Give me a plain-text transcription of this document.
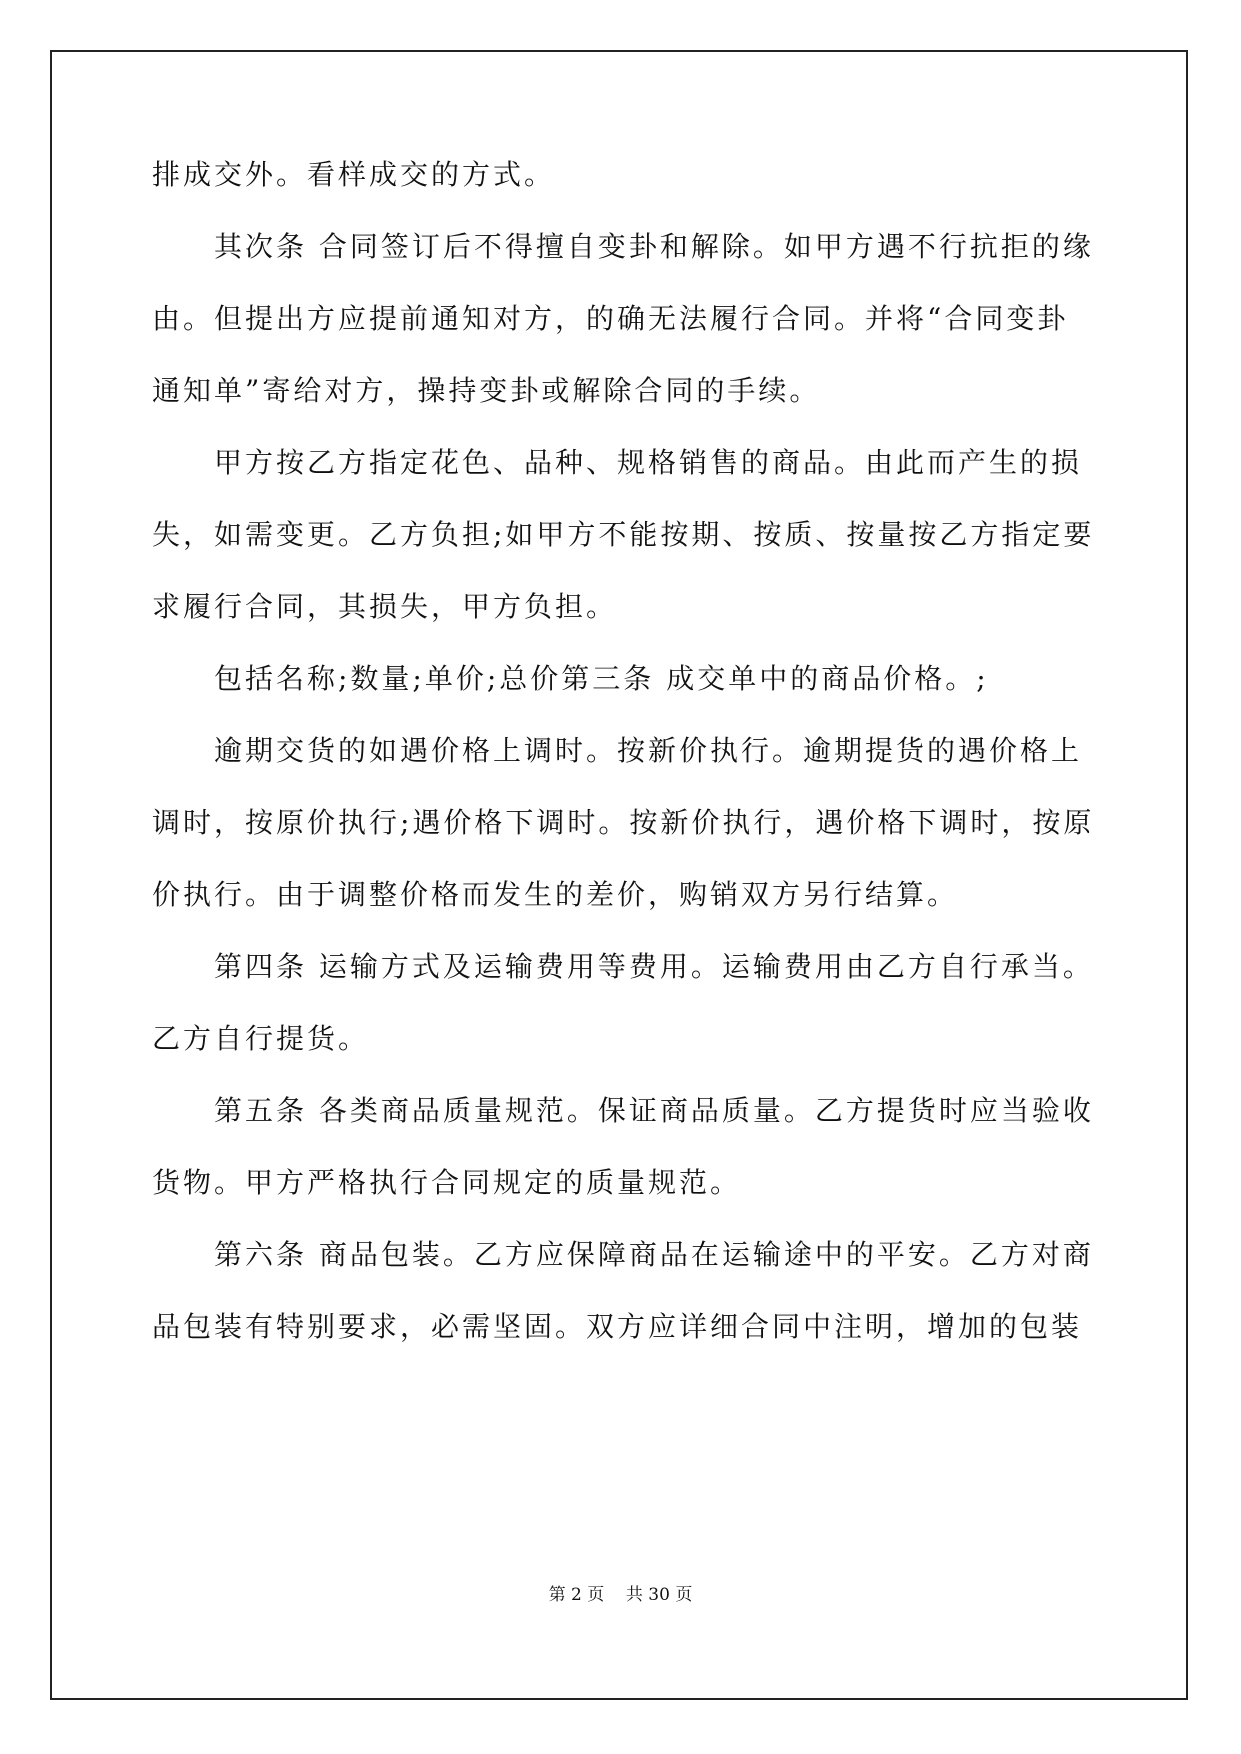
排成交外。看样成交的方式。
其次条 合同签订后不得擅自变卦和解除。如甲方遇不行抗拒的缘
由。但提出方应提前通知对方，的确无法履行合同。并将“合同变卦
通知单”寄给对方，操持变卦或解除合同的手续。
甲方按乙方指定花色、品种、规格销售的商品。由此而产生的损
失，如需变更。乙方负担;如甲方不能按期、按质、按量按乙方指定要
求履行合同，其损失，甲方负担。
包括名称;数量;单价;总价第三条 成交单中的商品价格。;
逾期交货的如遇价格上调时。按新价执行。逾期提货的遇价格上
调时，按原价执行;遇价格下调时。按新价执行，遇价格下调时，按原
价执行。由于调整价格而发生的差价，购销双方另行结算。
第四条 运输方式及运输费用等费用。运输费用由乙方自行承当。
乙方自行提货。
第五条 各类商品质量规范。保证商品质量。乙方提货时应当验收
货物。甲方严格执行合同规定的质量规范。
第六条 商品包装。乙方应保障商品在运输途中的平安。乙方对商
品包装有特别要求，必需坚固。双方应详细合同中注明，增加的包装
第 2 页    共 30 页
